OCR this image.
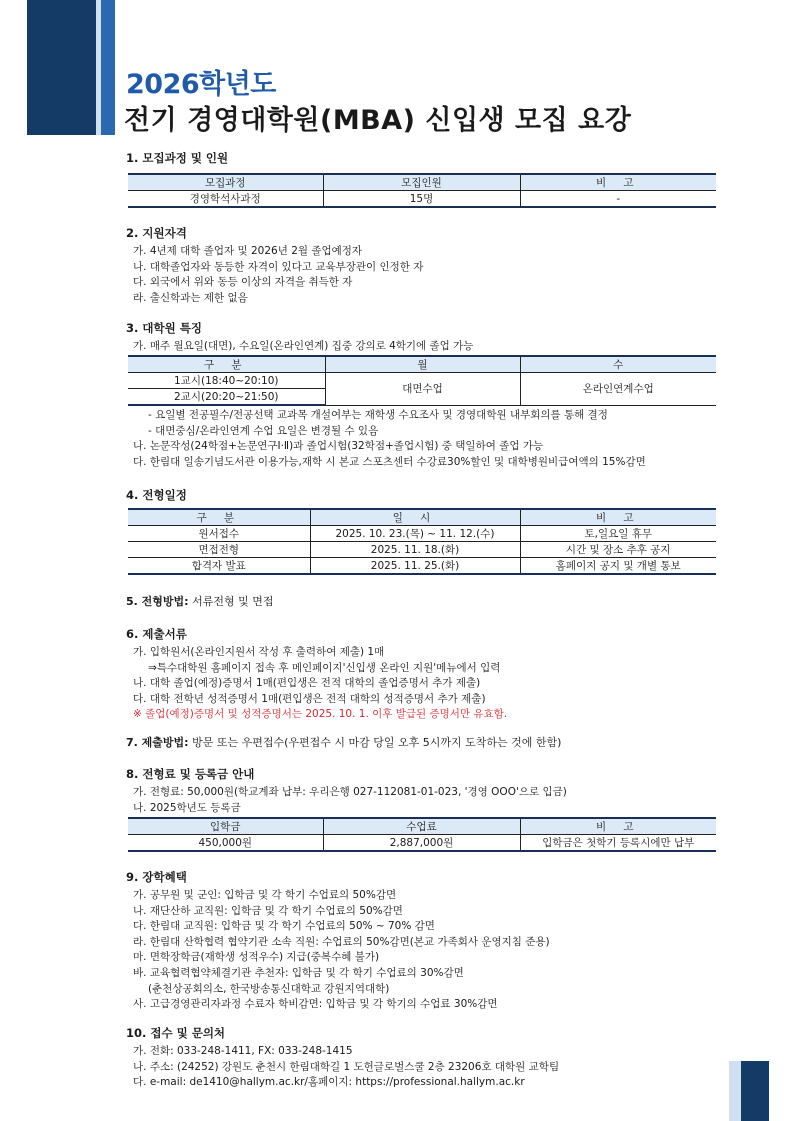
2026학년도
전기 경영대학원(MBA) 신입생 모집 요강
1. 모집과정 및 인원
모집과정	모집인원	비 고
경영학석사과정	15명	-
2. 지원자격
가. 4년제 대학 졸업자 및 2026년 2월 졸업예정자
나. 대학졸업자와 동등한 자격이 있다고 교육부장관이 인정한 자
다. 외국에서 위와 동등 이상의 자격을 취득한 자
라. 출신학과는 제한 없음
3. 대학원 특징
가. 매주 월요일(대면), 수요일(온라인연계) 집중 강의로 4학기에 졸업 가능
구 분	월	수
1교시(18:40~20:10)	대면수업	온라인연계수업
2교시(20:20~21:50)		
- 요일별 전공필수/전공선택 교과목 개설여부는 재학생 수요조사 및 경영대학원 내부회의를 통해 결정
- 대면중심/온라인연계 수업 요일은 변경될 수 있음
나. 논문작성(24학점+논문연구Ⅰ·Ⅱ)과 졸업시험(32학점+졸업시험) 중 택일하여 졸업 가능
다. 한림대 일송기념도서관 이용가능,재학 시 본교 스포츠센터 수강료30%할인 및 대학병원비급여액의 15%감면
4. 전형일정
구 분	일 시	비 고
원서접수	2025. 10. 23.(목) ~ 11. 12.(수)	토,일요일 휴무
면접전형	2025. 11. 18.(화)	시간 및 장소 추후 공지
합격자 발표	2025. 11. 25.(화)	홈페이지 공지 및 개별 통보
5. 전형방법: 서류전형 및 면접
6. 제출서류
가. 입학원서(온라인지원서 작성 후 출력하여 제출) 1매
⇒특수대학원 홈페이지 접속 후 메인페이지'신입생 온라인 지원'메뉴에서 입력
나. 대학 졸업(예정)증명서 1매(편입생은 전적 대학의 졸업증명서 추가 제출)
다. 대학 전학년 성적증명서 1매(편입생은 전적 대학의 성적증명서 추가 제출)
※ 졸업(예정)증명서 및 성적증명서는 2025. 10. 1. 이후 발급된 증명서만 유효함.
7. 제출방법: 방문 또는 우편접수(우편접수 시 마감 당일 오후 5시까지 도착하는 것에 한함)
8. 전형료 및 등록금 안내
가. 전형료: 50,000원(학교계좌 납부: 우리은행 027-112081-01-023, '경영 OOO'으로 입금)
나. 2025학년도 등록금
입학금	수업료	비 고
450,000원	2,887,000원	입학금은 첫학기 등록시에만 납부
9. 장학혜택
가. 공무원 및 군인: 입학금 및 각 학기 수업료의 50%감면
나. 재단산하 교직원: 입학금 및 각 학기 수업료의 50%감면
다. 한림대 교직원: 입학금 및 각 학기 수업료의 50% ~ 70% 감면
라. 한림대 산학협력 협약기관 소속 직원: 수업료의 50%감면(본교 가족회사 운영지침 준용)
마. 면학장학금(재학생 성적우수) 지급(중복수혜 불가)
바. 교육협력협약체결기관 추천자: 입학금 및 각 학기 수업료의 30%감면
(춘천상공회의소, 한국방송통신대학교 강원지역대학)
사. 고급경영관리자과정 수료자 학비감면: 입학금 및 각 학기의 수업료 30%감면
10. 접수 및 문의처
가. 전화: 033-248-1411, FX: 033-248-1415
나. 주소: (24252) 강원도 춘천시 한림대학길 1 도헌글로벌스쿨 2층 23206호 대학원 교학팀
다. e-mail: de1410@hallym.ac.kr/홈페이지: https://professional.hallym.ac.kr
